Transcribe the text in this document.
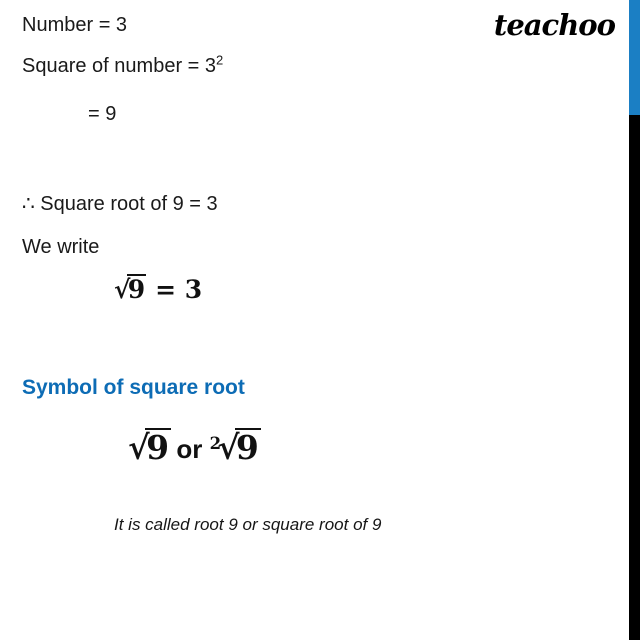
teachoo
Number = 3
Square of number = $3^2$
= 9
∴ Square root of 9 = 3
We write
√9 = 3
Symbol of square root
√9 or 2√9
It is called root 9 or square root of 9
